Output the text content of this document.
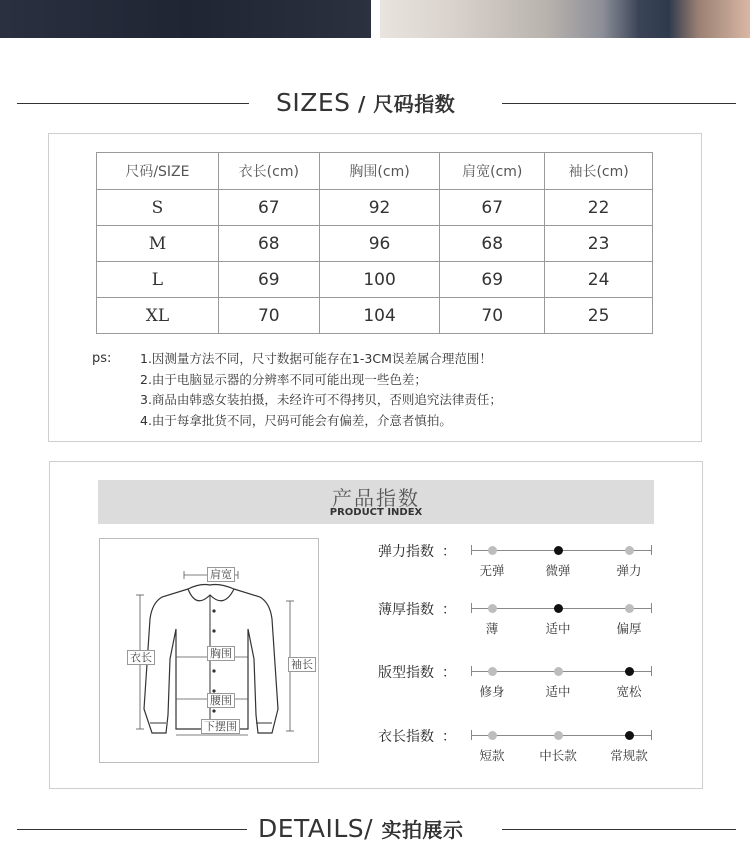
SIZES / 尺码指数
尺码/SIZE	衣长(cm)	胸围(cm)	肩宽(cm)	袖长(cm)
S	67	92	67	22
M	68	96	68	23
L	69	100	69	24
XL	70	104	70	25
ps: 1.因测量方法不同，尺寸数据可能存在1-3CM误差属合理范围！
2.由于电脑显示器的分辨率不同可能出现一些色差；
3.商品由韩惑女装拍摄，未经许可不得拷贝，否则追究法律责任；
4.由于每拿批货不同，尺码可能会有偏差，介意者慎拍。
产品指数
PRODUCT INDEX
肩宽
衣长	胸围
袖长
腰围
下摆围
弹力指数 ：
无弹	微弹	弹力
薄厚指数 ：
薄	适中	偏厚
版型指数 ：
修身	适中	宽松
衣长指数 ：
短款	中长款	常规款
DETAILS/ 实拍展示
